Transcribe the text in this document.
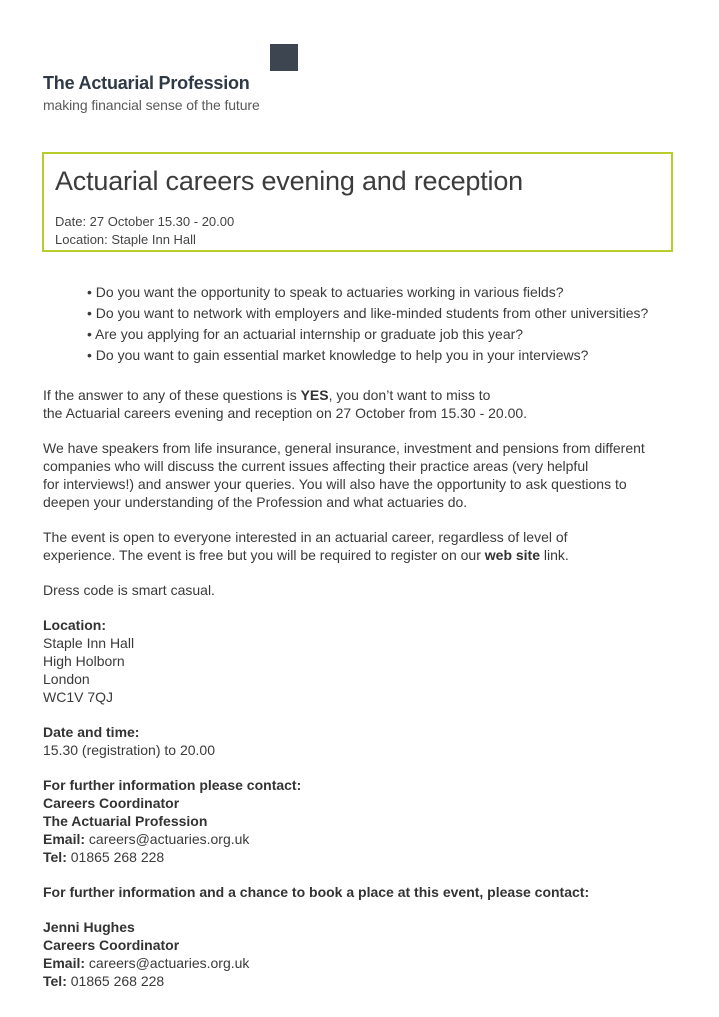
The Actuarial Profession
making financial sense of the future
Actuarial careers evening and reception
Date: 27 October 15.30 - 20.00
Location: Staple Inn Hall
• Do you want the opportunity to speak to actuaries working in various fields?
• Do you want to network with employers and like-minded students from other universities?
• Are you applying for an actuarial internship or graduate job this year?
• Do you want to gain essential market knowledge to help you in your interviews?
If the answer to any of these questions is YES, you don’t want to miss to
the Actuarial careers evening and reception on 27 October from 15.30 - 20.00.
We have speakers from life insurance, general insurance, investment and pensions from different
companies who will discuss the current issues affecting their practice areas (very helpful
for interviews!) and answer your queries. You will also have the opportunity to ask questions to
deepen your understanding of the Profession and what actuaries do.
The event is open to everyone interested in an actuarial career, regardless of level of
experience. The event is free but you will be required to register on our web site link.
Dress code is smart casual.
Location:
Staple Inn Hall
High Holborn
London
WC1V 7QJ
Date and time:
15.30 (registration) to 20.00
For further information please contact:
Careers Coordinator
The Actuarial Profession
Email: careers@actuaries.org.uk
Tel: 01865 268 228
For further information and a chance to book a place at this event, please contact:
Jenni Hughes
Careers Coordinator
Email: careers@actuaries.org.uk
Tel: 01865 268 228
